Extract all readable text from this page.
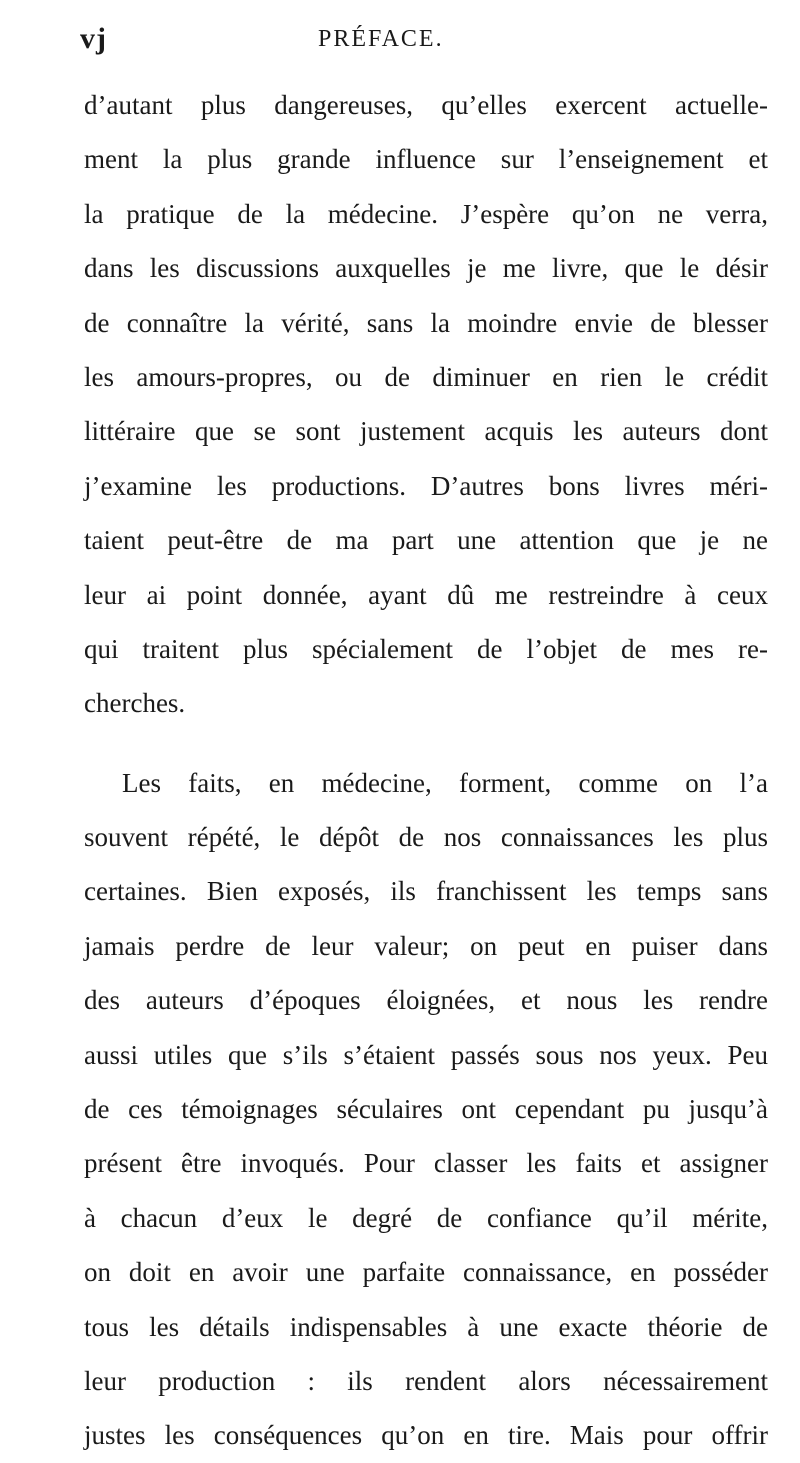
vj	PRÉFACE.
d’autant plus dangereuses, qu’elles exercent actuelle-
ment la plus grande influence sur l’enseignement et
la pratique de la médecine. J’espère qu’on ne verra,
dans les discussions auxquelles je me livre, que le désir
de connaître la vérité, sans la moindre envie de blesser
les amours-propres, ou de diminuer en rien le crédit
littéraire que se sont justement acquis les auteurs dont
j’examine les productions. D’autres bons livres méri-
taient peut-être de ma part une attention que je ne
leur ai point donnée, ayant dû me restreindre à ceux
qui traitent plus spécialement de l’objet de mes re-
cherches.
Les faits, en médecine, forment, comme on l’a
souvent répété, le dépôt de nos connaissances les plus
certaines. Bien exposés, ils franchissent les temps sans
jamais perdre de leur valeur; on peut en puiser dans
des auteurs d’époques éloignées, et nous les rendre
aussi utiles que s’ils s’étaient passés sous nos yeux. Peu
de ces témoignages séculaires ont cependant pu jusqu’à
présent être invoqués. Pour classer les faits et assigner
à chacun d’eux le degré de confiance qu’il mérite,
on doit en avoir une parfaite connaissance, en posséder
tous les détails indispensables à une exacte théorie de
leur production : ils rendent alors nécessairement
justes les conséquences qu’on en tire. Mais pour offrir
